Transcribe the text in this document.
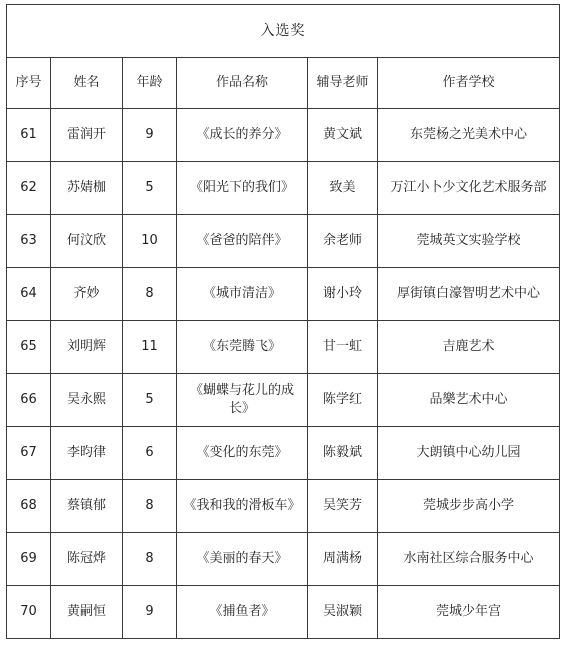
入选奖					
序号	姓名	年龄	作品名称	辅导老师	作者学校
61	雷润开	9	《成长的养分》	黄文斌	东莞杨之光美术中心
62	苏婧枷	5	《阳光下的我们》	致美	万江小卜少文化艺术服务部
63	何汶欣	10	《爸爸的陪伴》	余老师	莞城英文实验学校
64	齐妙	8	《城市清洁》	谢小玲	厚街镇白濠智明艺术中心
65	刘明辉	11	《东莞腾飞》	甘一虹	吉鹿艺术
66	吴永熙	5	《蝴蝶与花儿的成长》	陈学红	品樂艺术中心
67	李昀律	6	《变化的东莞》	陈毅斌	大朗镇中心幼儿园
68	蔡镇郁	8	《我和我的滑板车》	吴笑芳	莞城步步高小学
69	陈冠烨	8	《美丽的春天》	周满杨	水南社区综合服务中心
70	黄嗣恒	9	《捕鱼者》	吴淑颖	莞城少年宫
